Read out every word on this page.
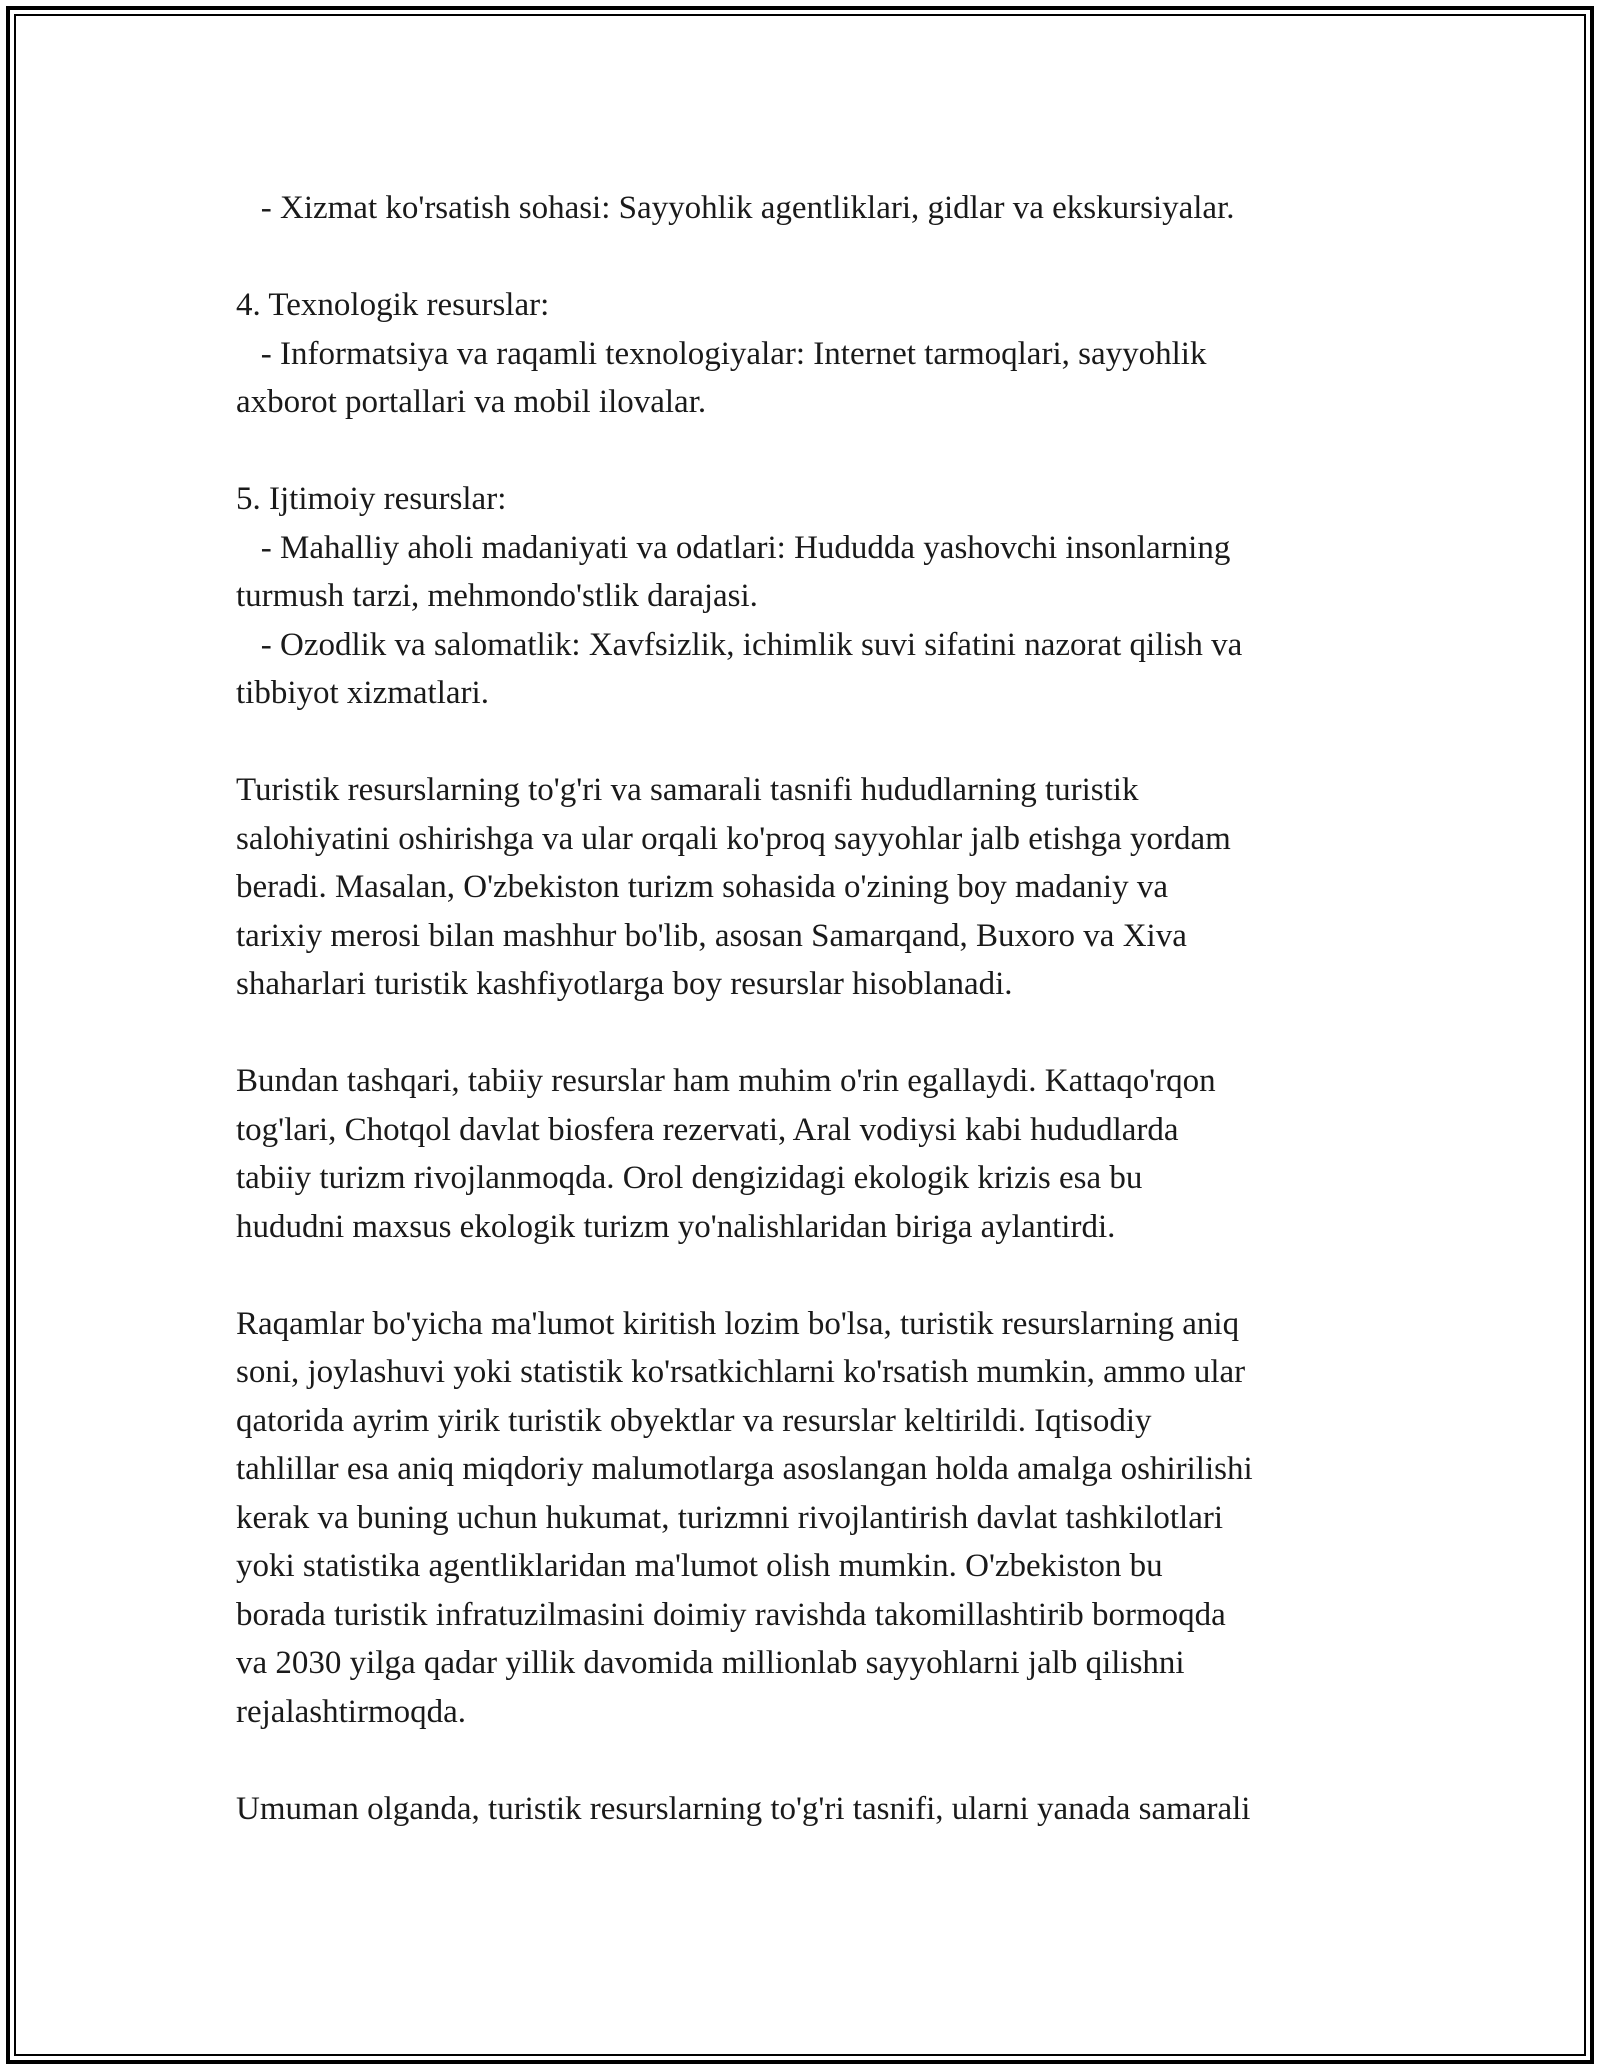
- Xizmat ko'rsatish sohasi: Sayyohlik agentliklari, gidlar va ekskursiyalar.
4. Texnologik resurslar:
- Informatsiya va raqamli texnologiyalar: Internet tarmoqlari, sayyohlik
axborot portallari va mobil ilovalar.
5. Ijtimoiy resurslar:
- Mahalliy aholi madaniyati va odatlari: Hududda yashovchi insonlarning
turmush tarzi, mehmondo'stlik darajasi.
- Ozodlik va salomatlik: Xavfsizlik, ichimlik suvi sifatini nazorat qilish va
tibbiyot xizmatlari.
Turistik resurslarning to'g'ri va samarali tasnifi hududlarning turistik
salohiyatini oshirishga va ular orqali ko'proq sayyohlar jalb etishga yordam
beradi. Masalan, O'zbekiston turizm sohasida o'zining boy madaniy va
tarixiy merosi bilan mashhur bo'lib, asosan Samarqand, Buxoro va Xiva
shaharlari turistik kashfiyotlarga boy resurslar hisoblanadi.
Bundan tashqari, tabiiy resurslar ham muhim o'rin egallaydi. Kattaqo'rqon
tog'lari, Chotqol davlat biosfera rezervati, Aral vodiysi kabi hududlarda
tabiiy turizm rivojlanmoqda. Orol dengizidagi ekologik krizis esa bu
hududni maxsus ekologik turizm yo'nalishlaridan biriga aylantirdi.
Raqamlar bo'yicha ma'lumot kiritish lozim bo'lsa, turistik resurslarning aniq
soni, joylashuvi yoki statistik ko'rsatkichlarni ko'rsatish mumkin, ammo ular
qatorida ayrim yirik turistik obyektlar va resurslar keltirildi. Iqtisodiy
tahlillar esa aniq miqdoriy malumotlarga asoslangan holda amalga oshirilishi
kerak va buning uchun hukumat, turizmni rivojlantirish davlat tashkilotlari
yoki statistika agentliklaridan ma'lumot olish mumkin. O'zbekiston bu
borada turistik infratuzilmasini doimiy ravishda takomillashtirib bormoqda
va 2030 yilga qadar yillik davomida millionlab sayyohlarni jalb qilishni
rejalashtirmoqda.
Umuman olganda, turistik resurslarning to'g'ri tasnifi, ularni yanada samarali
